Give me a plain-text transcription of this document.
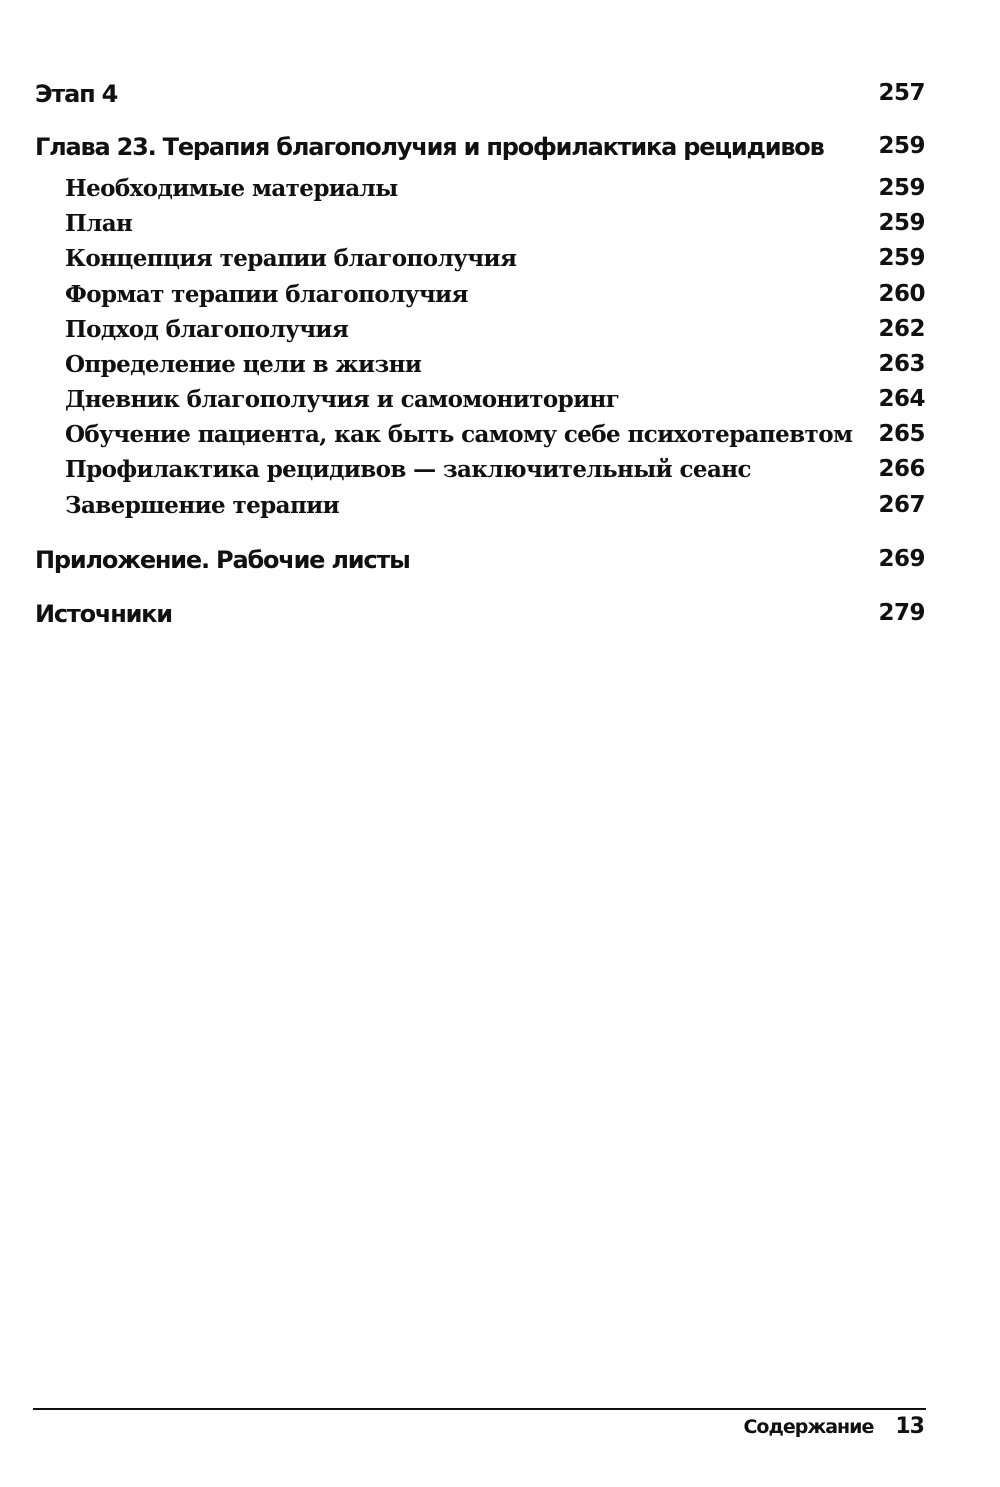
Этап 4	257
Глава 23. Терапия благополучия и профилактика рецидивов 259
Необходимые материалы	259
План	259
Концепция терапии благополучия	259
Формат терапии благополучия	260
Подход благополучия	262
Определение цели в жизни	263
Дневник благополучия и самомониторинг	264
Обучение пациента, как быть самому себе психотерапевтом 265
Профилактика рецидивов — заключительный сеанс	266
Завершение терапии	267
Приложение. Рабочие листы	269
Источники	279
Содержание 13
